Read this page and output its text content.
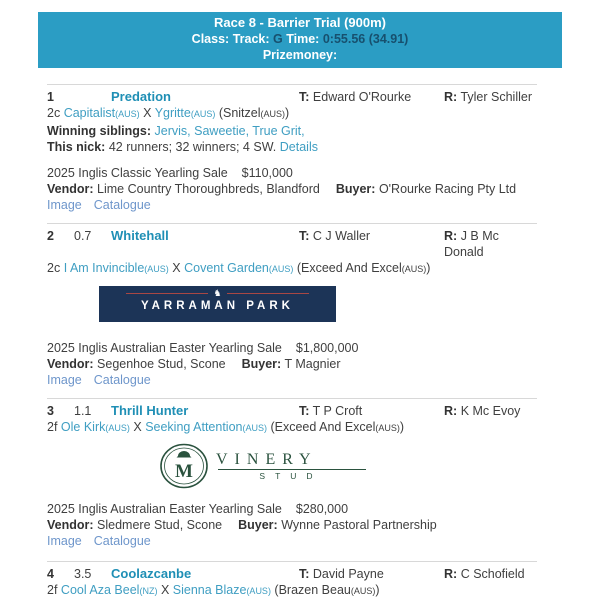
Race 8 - Barrier Trial (900m)
Class: Track: G Time: 0:55.56 (34.91)
Prizemoney:
1	Predation	T: Edward O'Rourke	R: Tyler Schiller
2c Capitalist(AUS) X Ygritte(AUS) (Snitzel(AUS))
Winning siblings: Jervis, Saweetie, True Grit,
This nick: 42 runners; 32 winners; 4 SW. Details
2025 Inglis Classic Yearling Sale $110,000
Vendor: Lime Country Thoroughbreds, Blandford Buyer: O'Rourke Racing Pty Ltd
Image Catalogue
2	0.7	Whitehall	T: C J Waller	R: J B Mc Donald
2c I Am Invincible(AUS) X Covent Garden(AUS) (Exceed And Excel(AUS))
♞
YARRAMAN PARK
2025 Inglis Australian Easter Yearling Sale $1,800,000
Vendor: Segenhoe Stud, Scone Buyer: T Magnier
Image Catalogue
3	1.1	Thrill Hunter	T: T P Croft	R: K Mc Evoy
2f Ole Kirk(AUS) X Seeking Attention(AUS) (Exceed And Excel(AUS))
M
VINERY
STUD
2025 Inglis Australian Easter Yearling Sale $280,000
Vendor: Sledmere Stud, Scone Buyer: Wynne Pastoral Partnership
Image Catalogue
4	3.5	Coolazcanbe	T: David Payne	R: C Schofield
2f Cool Aza Beel(NZ) X Sienna Blaze(AUS) (Brazen Beau(AUS))
